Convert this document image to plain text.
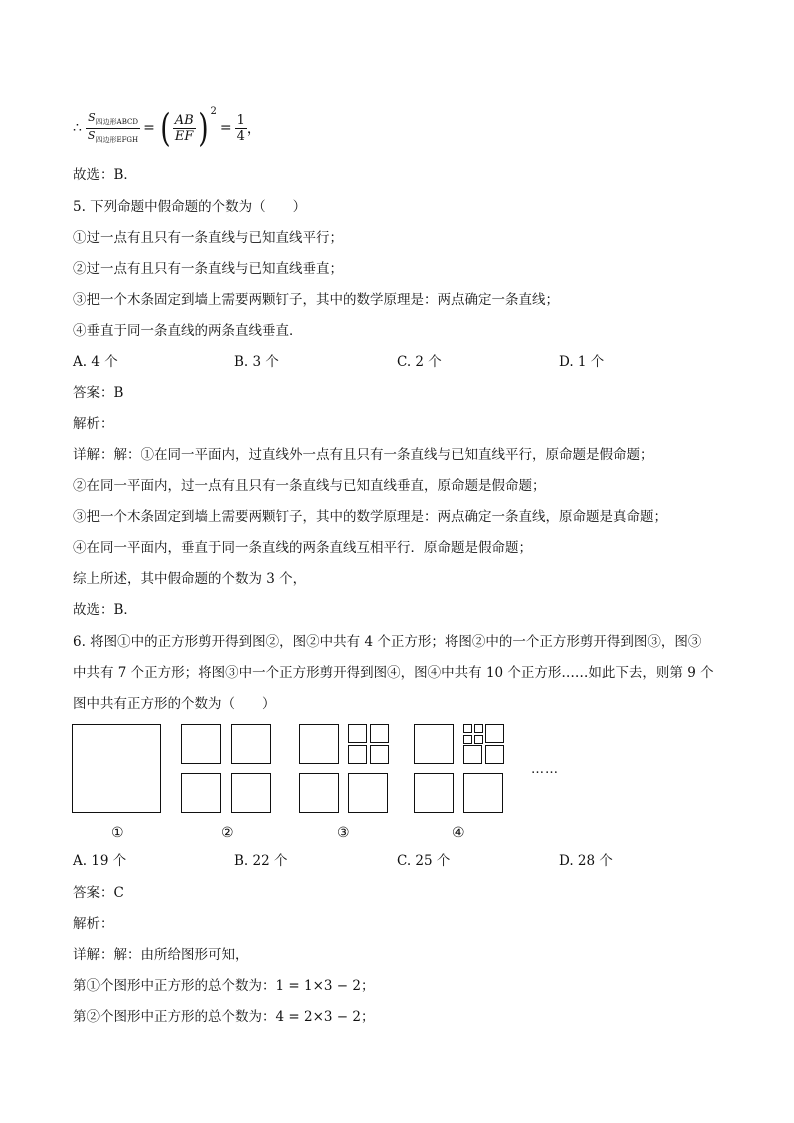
∴ $\frac{S_{四边形ABCD}}{S_{四边形EFGH}}$ = ( $\frac{AB}{EF} )^2$
= $\frac{1}{4}$ ，
故选：B．
5. 下列命题中假命题的个数为（　　）
①过一点有且只有一条直线与已知直线平行；
②过一点有且只有一条直线与已知直线垂直；
③把一个木条固定到墙上需要两颗钉子，其中的数学原理是：两点确定一条直线；
④垂直于同一条直线的两条直线垂直．
A. 4 个	B. 3 个	C. 2 个	D. 1 个
答案：B
解析：
详解：解：①在同一平面内，过直线外一点有且只有一条直线与已知直线平行，原命题是假命题；
②在同一平面内，过一点有且只有一条直线与已知直线垂直，原命题是假命题；
③把一个木条固定到墙上需要两颗钉子，其中的数学原理是：两点确定一条直线，原命题是真命题；
④在同一平面内，垂直于同一条直线的两条直线互相平行．原命题是假命题；
综上所述，其中假命题的个数为 3 个，
故选：B．
6. 将图①中的正方形剪开得到图②，图②中共有 4 个正方形；将图②中的一个正方形剪开得到图③，图③
中共有 7 个正方形；将图③中一个正方形剪开得到图④，图④中共有 10 个正方形……如此下去，则第 9 个
图中共有正方形的个数为（　　）
……
①	②	③	④
A. 19 个	B. 22 个	C. 25 个	D. 28 个
答案：C
解析：
详解：解：由所给图形可知，
第①个图形中正方形的总个数为：1 = 1×3 − 2；
第②个图形中正方形的总个数为：4 = 2×3 − 2；
